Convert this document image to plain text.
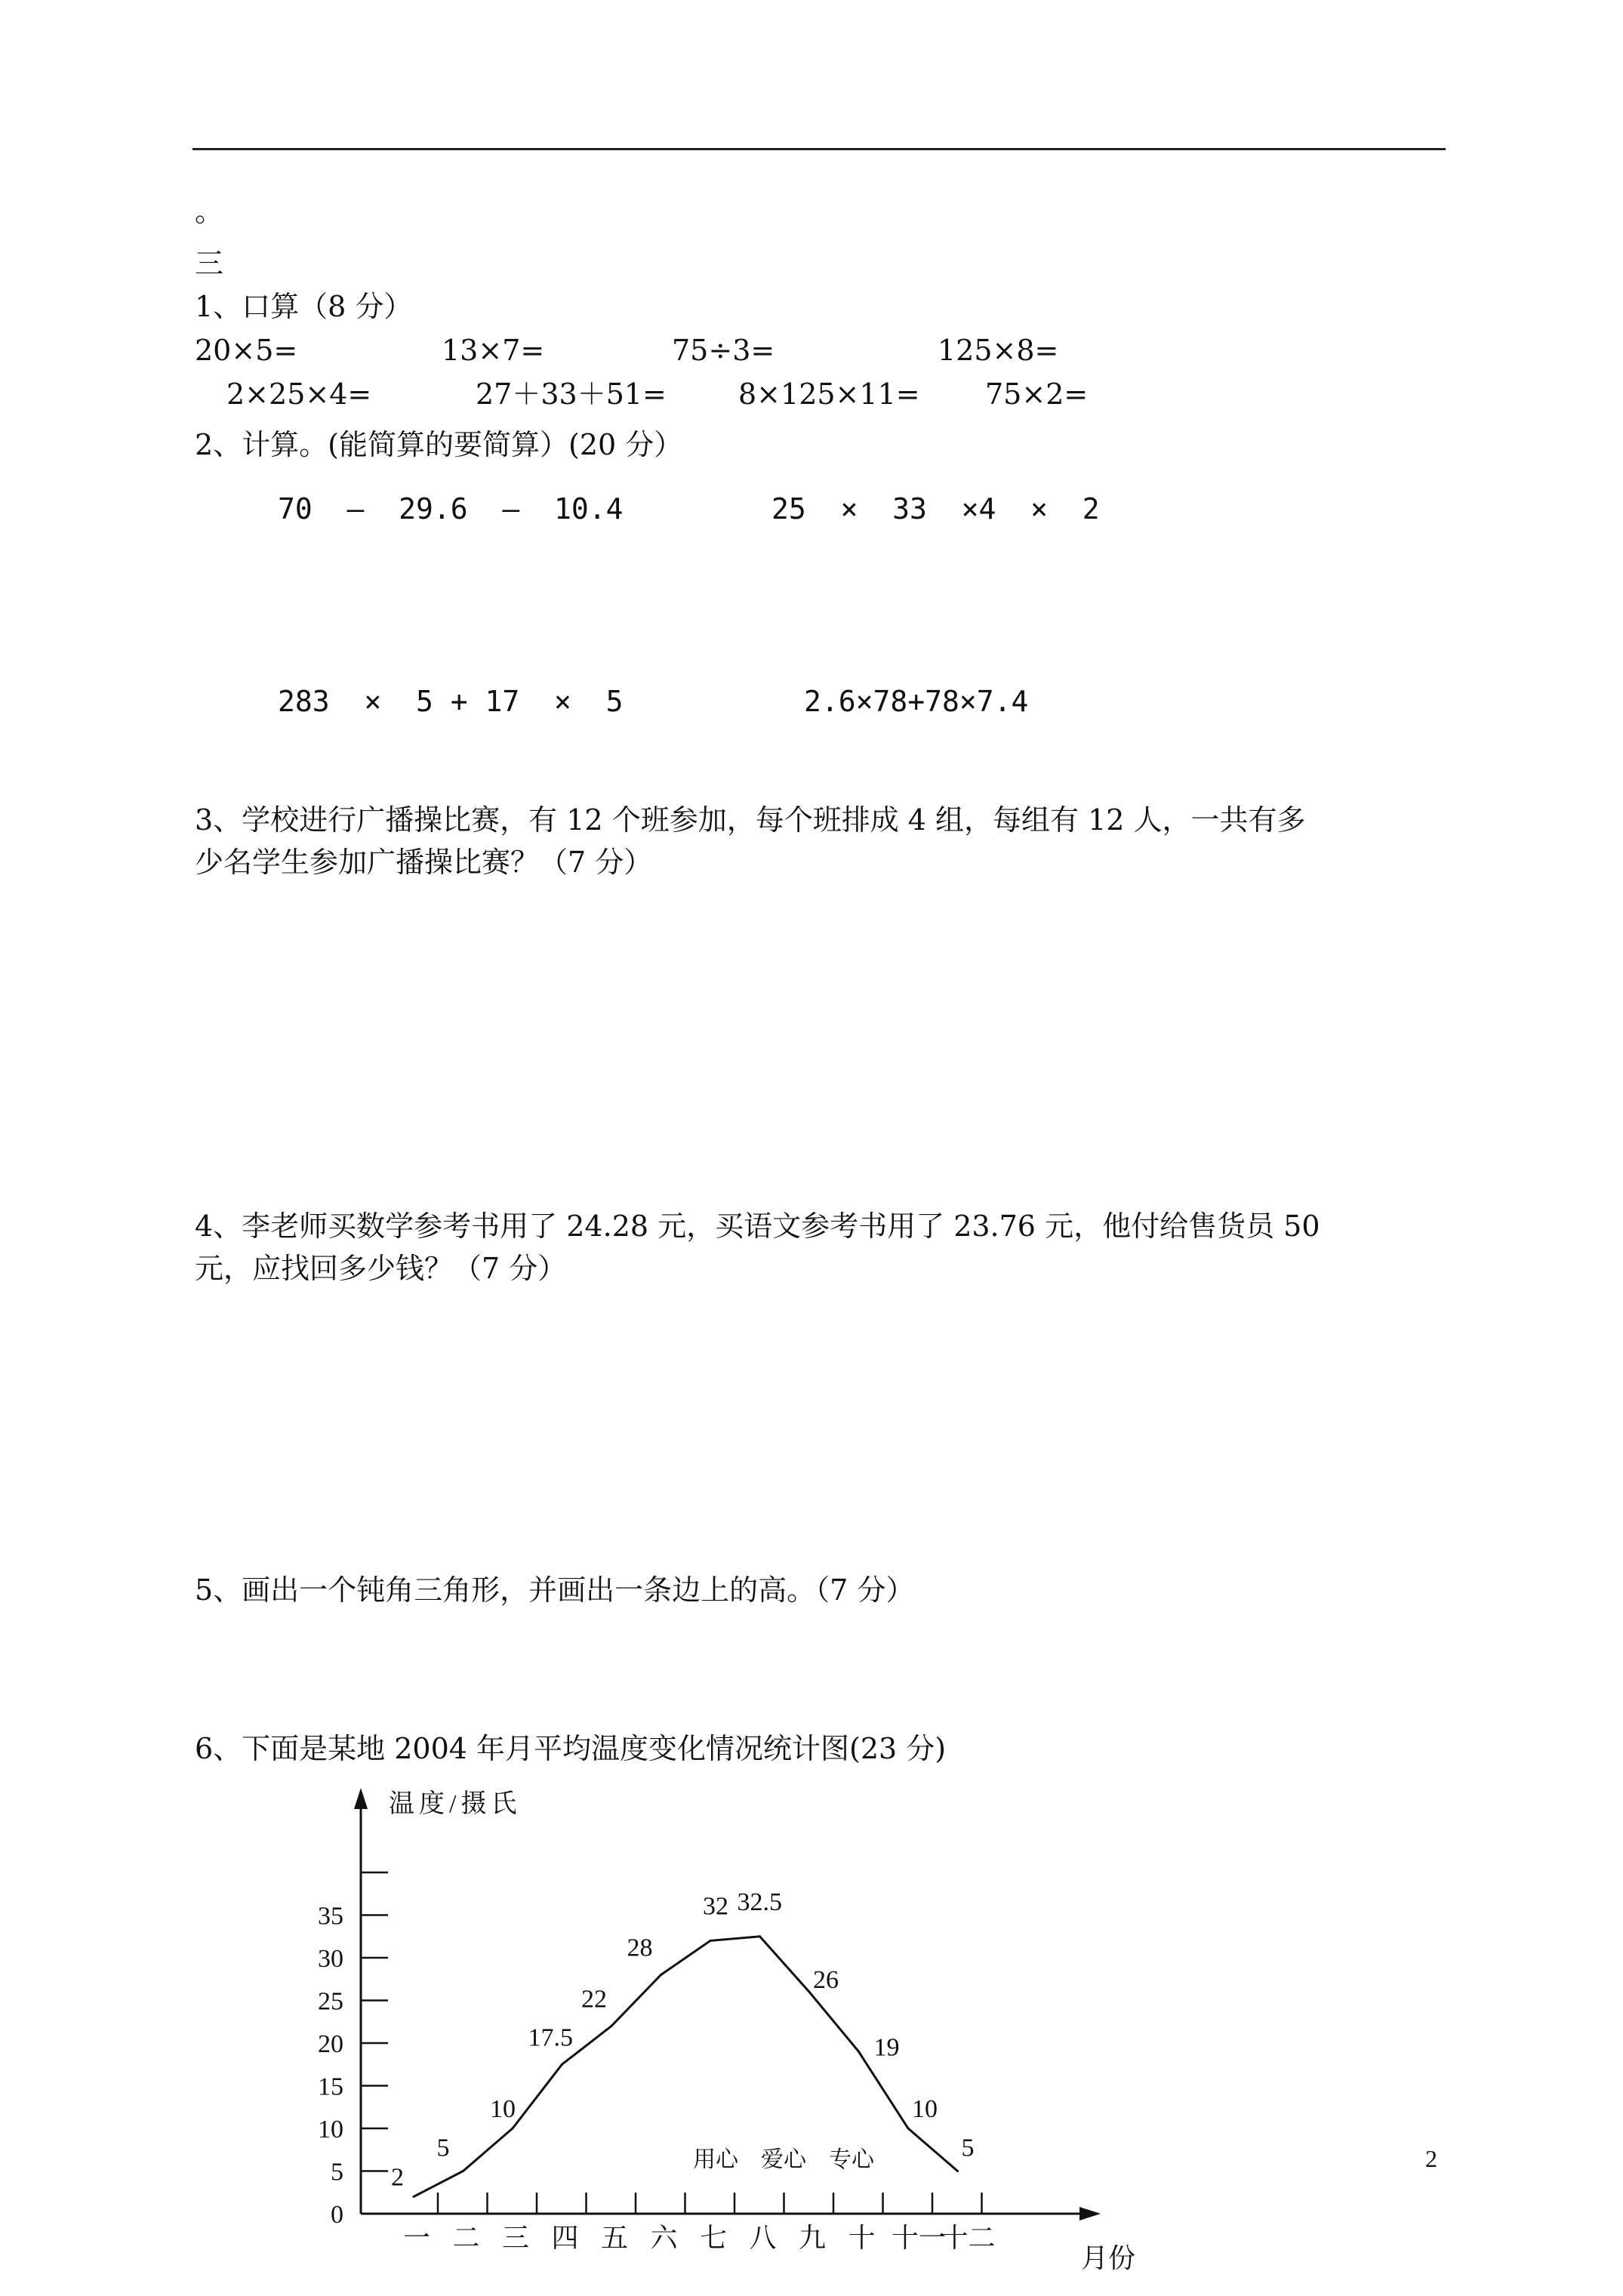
。
三
1、口算（8 分）
20×5=	13×7=	75÷3=	125×8=
2×25×4=	27＋33＋51=	8×125×11= 75×2=
2、计算。(能简算的要简算）(20 分）
70  –  29.6  –  10.4	25  ×  33  ×4  ×  2
283  ×  5 + 17  ×  5	2.6×78+78×7.4
3、学校进行广播操比赛，有 12 个班参加，每个班排成 4 组，每组有 12 人，一共有多
少名学生参加广播操比赛？（7 分）
4、李老师买数学参考书用了 24.28 元，买语文参考书用了 23.76 元，他付给售货员 50
元，应找回多少钱？（7 分）
5、画出一个钝角三角形，并画出一条边上的高。（7 分）
6、下面是某地 2004 年月平均温度变化情况统计图(23 分)
0
5
10
15
20
25
30
35
一 二 三 四 五 六 七 八 九 十 十一
十二
2
5
10
17.5
22
28
32 32.5
26
19
10
5
温度/摄氏
月份
用心    爱心    专心	2
